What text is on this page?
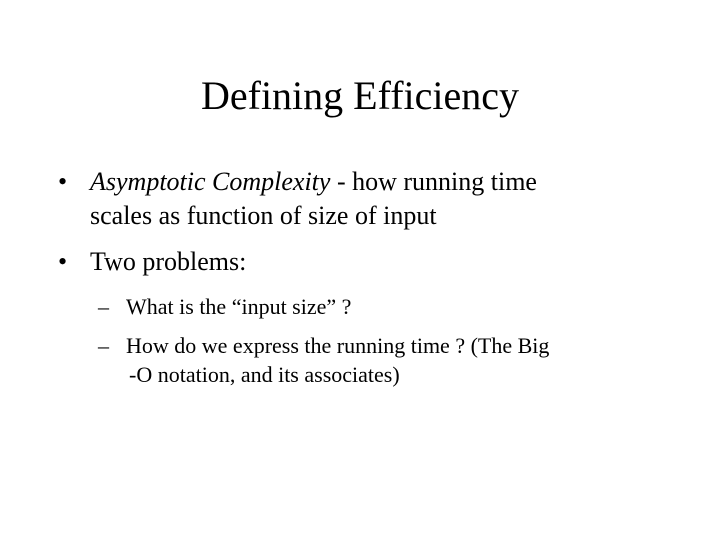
Defining Efficiency

• Asymptotic Complexity - how running time
scales as function of size of input

• Two problems:

– What is the “input size” ?

– How do we express the running time ? (The Big
-O notation, and its associates)
